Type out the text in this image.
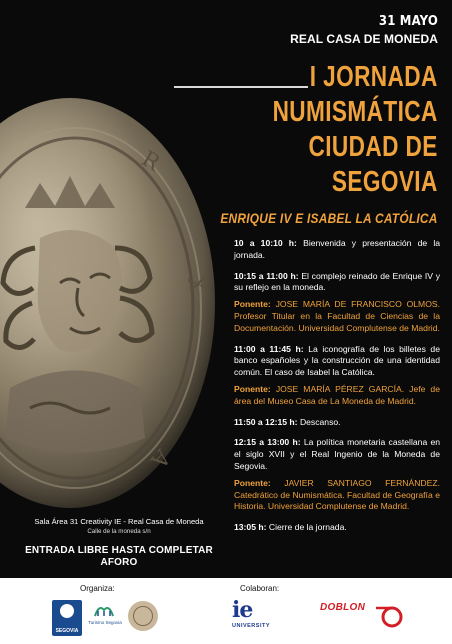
R
X
A
31 MAYO
REAL CASA DE MONEDA
I JORNADA
NUMISMÁTICA
CIUDAD DE
SEGOVIA
ENRIQUE IV E ISABEL LA CATÓLICA
10 a 10:10 h: Bienvenida y presentación de la jornada.
10:15 a 11:00 h: El complejo reinado de Enrique IV y su reflejo en la moneda.
Ponente: JOSE MARÍA DE FRANCISCO OLMOS. Profesor Titular en la Facultad de Ciencias de la Documentación. Universidad Complutense de Madrid.
11:00 a 11:45 h: La iconografía de los billetes de banco españoles y la construcción de una identidad común. El caso de Isabel la Católica.
Ponente: JOSE MARÍA PÉREZ GARCÍA. Jefe de área del Museo Casa de La Moneda de Madrid.
11:50 a 12:15 h: Descanso.
12:15 a 13:00 h: La política monetaria castellana en el siglo XVII y el Real Ingenio de la Moneda de Segovia.
Ponente: JAVIER SANTIAGO FERNÁNDEZ. Catedrático de Numismática. Facultad de Geografía e Historia. Universidad Complutense de Madrid.
13:05 h: Cierre de la jornada.
Sala Área 31 Creativity IE - Real Casa de Moneda
Calle de la moneda s/n
ENTRADA LIBRE HASTA COMPLETAR AFORO
Organiza:	Colaboran:
SEGOVIA
Turismo Segovia	ie
UNIVERSITY
DOBLON
